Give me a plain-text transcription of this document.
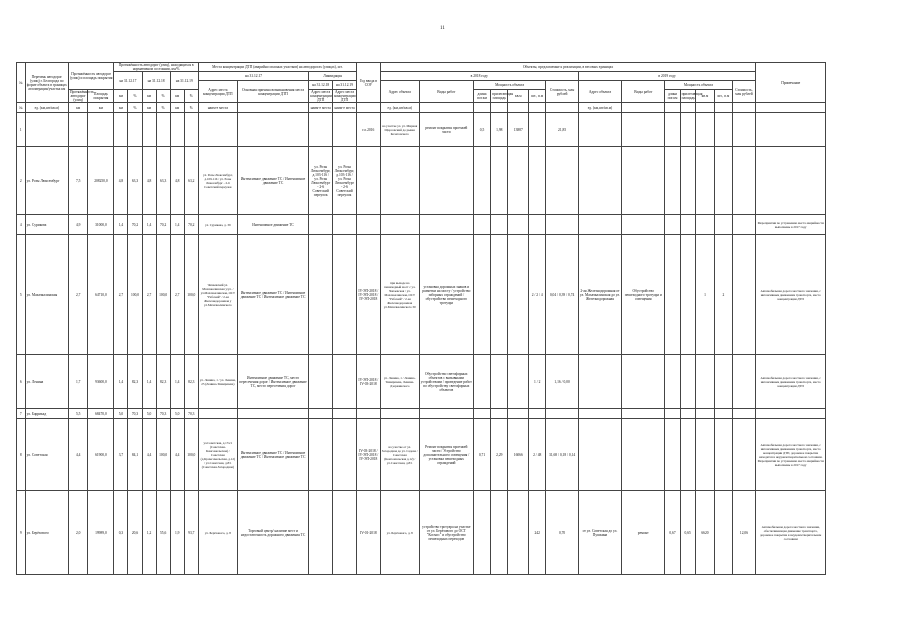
11
№	Перечень автодорог (улиц) г. Белгорода по форме объекта в границах агломерации/участка км	Протяжённость автодорог (улиц) и площадь покрытия		Протяжённость автодорог (улиц), находящихся в нормативном состоянии, км/%						Места концентрации ДТП (аварийно опасных участков) на автодорогах (улицах), шт.				Год ввода в СОУ	Объекты, предлагаемые к реализации, в весовых единицах														Примечание
				на 31.12.17		на 31.12.18		на 31.12.19		на 31.12.17		Ликвидация			в 2018 году							в 2019 году							
										Адрес места концентрации ДТП	Основная причина возникновения места концентрации ДТП	на 31.12.18	на 31.12.19		Адрес объекта	Виды работ	Мощность объекта				Стоимость, млн рублей	Адрес объекта	Виды работ	Мощность объекта				Стоимость, млн рублей	
		Протяжённость автодорог (улиц)	Площадь покрытия	км	%	км	%	км	%			Адрес места концентрации ДТП	Адрес места концентрации ДТП				длина пог.км	прилегающая площадь	кв.м	шт., п.м				длина пог.км	прилегающая площадь	кв.м	шт., п.м		
№	ед. (км,шт/кв.м)	км	км	км	%	км	%	км	%	наим-е места		наим-е места	наим-е места		ед. (км,шт/кв.м)							ед. (км,шт/кв.м)							
1														г.о.2016	на участке ул. ул. Мирная Щорсовский до рынка Кочетовского	ремонт покрытия проезжей части	0,5	1,98	13887		21,85								
2	ул. Розы Люксембург	7,5	208250,0	4,8	63,3	4,8	63,3	4,8	63,2	ул. Розы Люксембург, д.109-116 / ул. Розы Люксембург - 2-6 Советский переулок	Интенсивное движение ТС / Интенсивное движение ТС	ул. Розы Люксембург, д.103-116 / ул. Розы Люксембург - 2-6 Советский переулок	ул. Розы Люксембург, д.103-116 / ул. Розы Люксембург - 2-6 Советский переулок																
4	ул. Сурикова	4,9	31000,0	1,4	70,2	1,4	70,2	1,4	70,2	ул. Сурикова, д. 39	Интенсивное движение ТС																		Мероприятия по устранению места аварийности выполнены в 2017 году
5	ул. Махачкалинская	2,7	64710,0	2,7	100,0	2,7	100,0	2,7	100,0	Чапаевский ул. Махачкалинская у/ул. / ул.Махачкалинская, ОСТ "Рабочий" / 2-ая Железнодорожная у ул.Махачкалинского	Интенсивное движение ТС / Интенсивное движение ТС / Интенсивное движение ТС			IV-ЭП-2018 / IV-ЭП-2018 / IV-ЭП-2018	при выходе на пешеходный мост с ул. Чапаевская / ул. Махачкалинская, ОСТ "Рабочий" / 2-ая Железнодорожная ул.Махачкалинского 30	установка дорожных знаков и разметки на мосту / устройство заборных ограждений / обустройство пешеходного тротуара				2 / 2 / 4	0,04 / 0,39 / 0,74	2-ая Железнодорожная от ул. Махачкалинская до ул. Железнодорожная	Обустройство пешеходного тротуара и освещения			1	2		Автомобильная дорога местного значения, с интенсивным движением транспорта, место концентрации ДТП
6	ул. Ленина	1,7	93600,0	1,4	82,3	1,4	82,3	1,4	82,3	ул. Ленина, 1 / ул. Ленина, 25 (Ленина-Тимирязева)	Интенсивное движение ТС, место пересечения дорог / Интенсивное движение ТС, место пересечения дорог			IV-ЭП-2018 / IV-03-2018	ул. Ленина, 1 / Ленина-Тимирязева, Ленина-Дзержинского	Обустройство светофорных объектов с вызывными устройствами / проведение работ по обустройству светофорных объектов				1 / 2	1,16 / 0,00								Автомобильная дорога местного значения, с интенсивным движением транспорта, место концентрации ДТП
7	ул. Баррикад	5,5	68470,0	5,0	70,3	5,0	70,3	5,0	70,3																				
8	ул. Советская	4,4	61900,0	3,7	84,1	4,4	100,0	4,4	100,0	ул.Советская, д.17а/1 (Советская-Комсомольская) / Советская (д.Кромсомольская, д.12) / ул.Советская, д.8/1 (Советская-Загородная)	Интенсивное движение ТС / Интенсивное движение ТС / Интенсивное движение ТС			IV-03-2018 / IV-ЭП-2018 / IV-ЭП-2018	на участке от ул. Загородная до ул. Садова / Советская (Комсомольская д.12) / ул.Советская, д.8/1	Ремонт покрытия проезжей части / Устройство дополнительного освещения / установка пешеходных ограждений	0,71	2,29	16066	2 / 48	31,68 / 0,18 / 0,14								Автомобильная дорога местного значения, с интенсивным движением транспорта, место концентрации ДТП, дорожное покрытие находится в неудовлетворительном состоянии. Мероприятия по устранению места аварийности выполнены в 2017 году
9	ул. Берёзового	2,0	19989,0	0,3	20,6	1,2	55,6	1,9	93,7	ул. Берёзового, д. 8	Торговый центр/ наличие мест и недостаточность дорожного движения ТС			IV-01-2018	ул. Берёзового, д. 8	устройство тротуара на участке от ул. Берёзового до ОСТ "Космос" и обустройство пешеходных переходов				242	0,70	от ул. Советская до ул. Пушкина	ремонт	0,67	0,65	6620		12,06	Автомобильная дорога местного значения, обеспечивающая движение транспорта, дорожное покрытие в неудовлетворительном состоянии
